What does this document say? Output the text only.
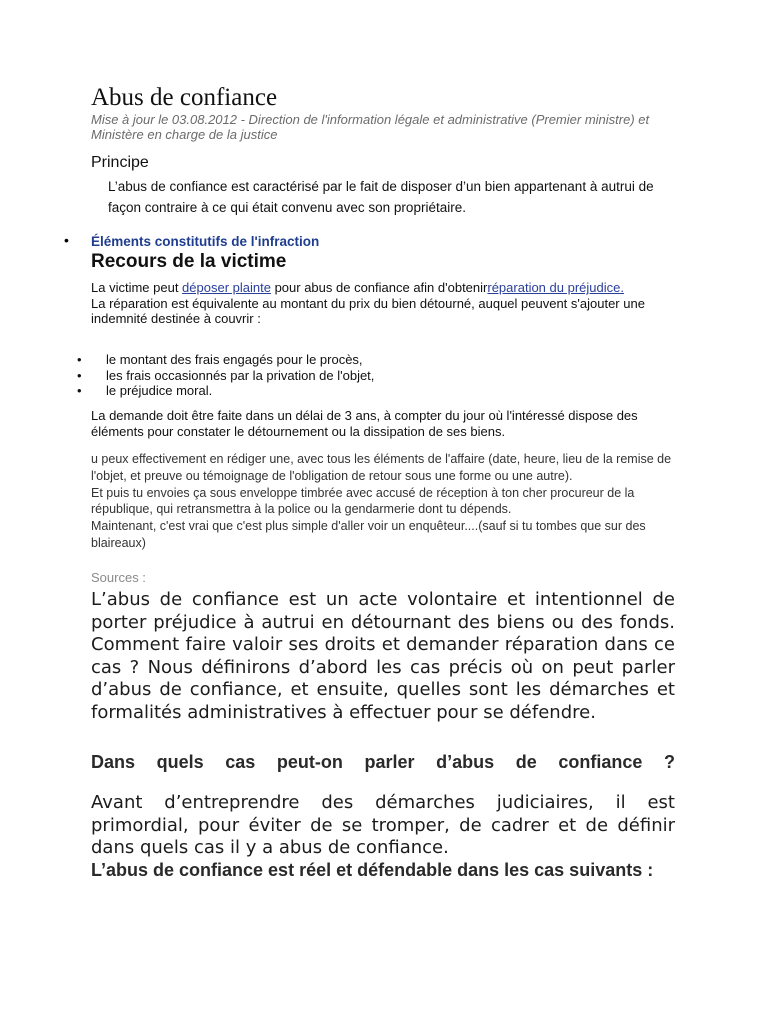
Abus de confiance
Mise à jour le 03.08.2012 - Direction de l'information légale et administrative (Premier ministre) et Ministère en charge de la justice
Principe
L’abus de confiance est caractérisé par le fait de disposer d’un bien appartenant à autrui de façon contraire à ce qui était convenu avec son propriétaire.
• Éléments constitutifs de l'infraction
Recours de la victime
La victime peut déposer plainte pour abus de confiance afin d'obtenirréparation du préjudice.
La réparation est équivalente au montant du prix du bien détourné, auquel peuvent s'ajouter une indemnité destinée à couvrir :
• le montant des frais engagés pour le procès,
• les frais occasionnés par la privation de l'objet,
• le préjudice moral.
La demande doit être faite dans un délai de 3 ans, à compter du jour où l'intéressé dispose des éléments pour constater le détournement ou la dissipation de ses biens.
u peux effectivement en rédiger une, avec tous les éléments de l'affaire (date, heure, lieu de la remise de l'objet, et preuve ou témoignage de l'obligation de retour sous une forme ou une autre).
Et puis tu envoies ça sous enveloppe timbrée avec accusé de réception à ton cher procureur de la république, qui retransmettra à la police ou la gendarmerie dont tu dépends.
Maintenant, c'est vrai que c'est plus simple d'aller voir un enquêteur....(sauf si tu tombes que sur des blaireaux)
Sources :
L’abus de confiance est un acte volontaire et intentionnel de porter préjudice à autrui en détournant des biens ou des fonds. Comment faire valoir ses droits et demander réparation dans ce cas ? Nous définirons d’abord les cas précis où on peut parler d’abus de confiance, et ensuite, quelles sont les démarches et formalités administratives à effectuer pour se défendre.
Dans quels cas peut-on parler d’abus de confiance ?
Avant d’entreprendre des démarches judiciaires, il est primordial, pour éviter de se tromper, de cadrer et de définir dans quels cas il y a abus de confiance.
L’abus de confiance est réel et défendable dans les cas suivants :
